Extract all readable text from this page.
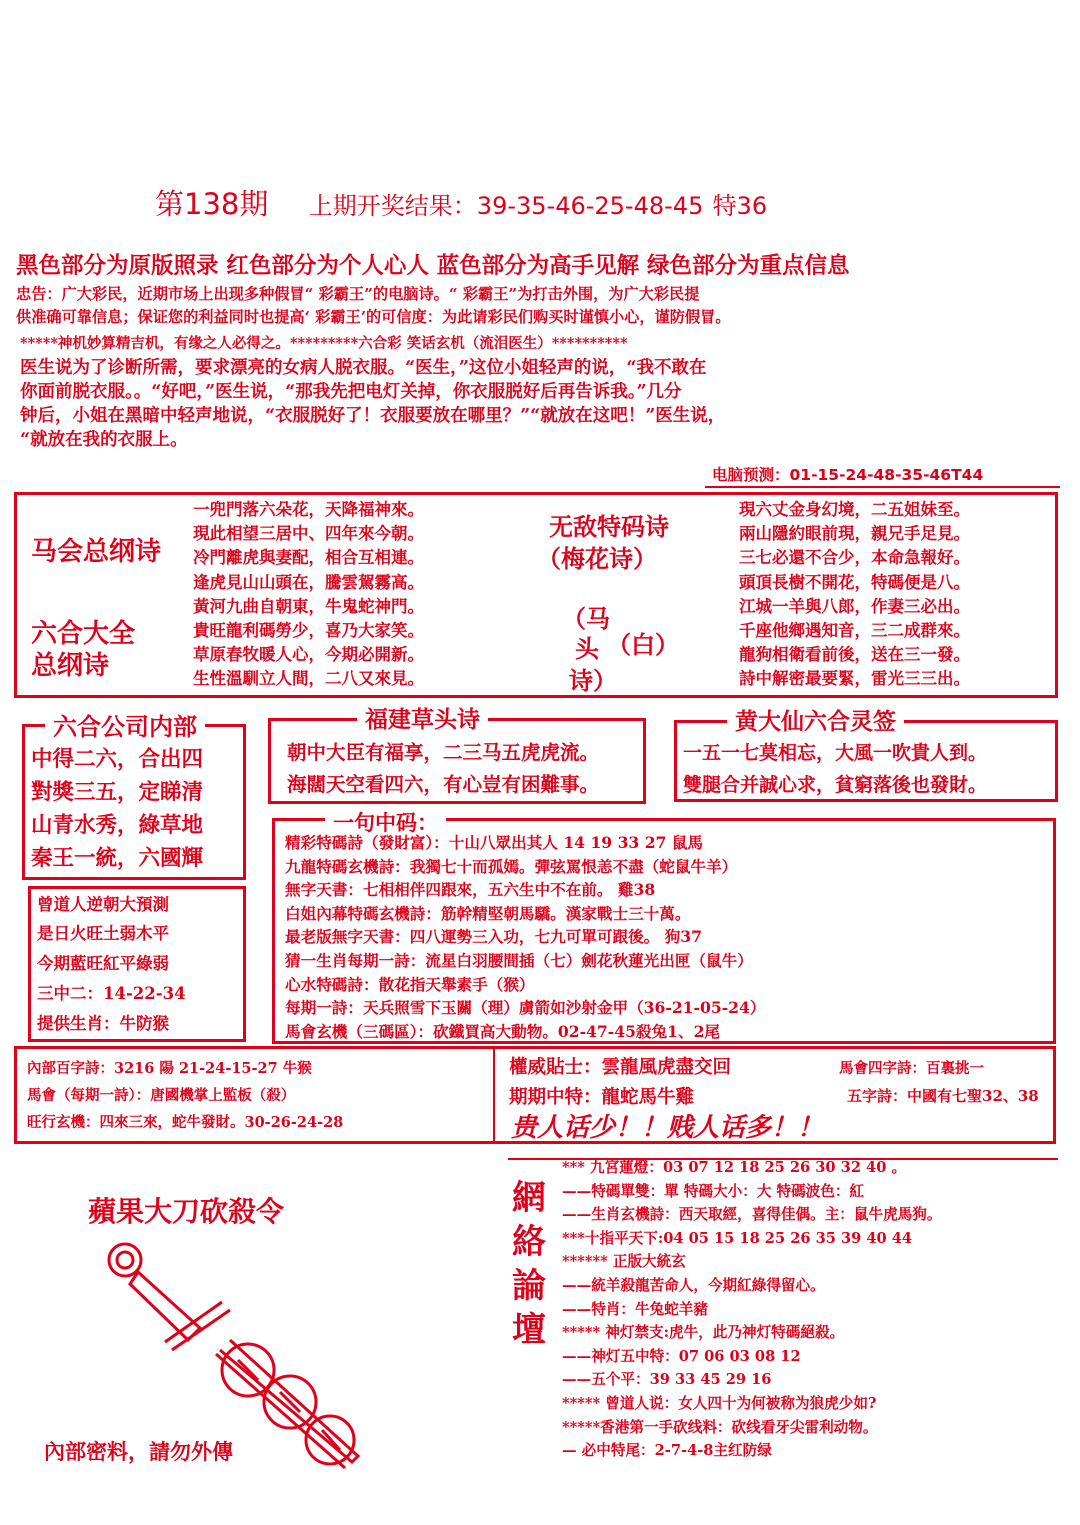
第138期 上期开奖结果：39-35-46-25-48-45 特36
黑色部分为原版照录 红色部分为个人心人 蓝色部分为高手见解 绿色部分为重点信息
忠告：广大彩民，近期市场上出现多种假冒“ 彩霸王”的电脑诗。“ 彩霸王”为打击外围，为广大彩民提
供准确可靠信息；保证您的利益同时也提高‘ 彩霸王’的可信度：为此请彩民们购买时谨慎小心，谨防假冒。
*****神机妙算精吉机，有缘之人必得之。*********六合彩 笑话玄机（流泪医生）**********
医生说为了诊断所需，要求漂亮的女病人脱衣服。“医生，”这位小姐轻声的说，“我不敢在
你面前脱衣服。。“好吧，”医生说，“那我先把电灯关掉，你衣服脱好后再告诉我。”几分
钟后，小姐在黑暗中轻声地说，“衣服脱好了！衣服要放在哪里？”“就放在这吧！”医生说，
“就放在我的衣服上。
电脑预测：01-15-24-48-35-46T44
马会总纲诗
六合大全
总纲诗
一兜門落六朵花，天降福神來。
現此相望三居中、四年來今朝。
冷門離虎與妻配，相合互相連。
逢虎見山山頭在，騰雲駕霧高。
黃河九曲自朝東，牛鬼蛇神門。
貴旺龍利碼勞少，喜乃大家笑。
草原春牧暖人心，今期必開新。
生性溫馴立人間，二八又來見。
无敌特码诗
（梅花诗）
（马
头
诗）
（白）
現六丈金身幻境，二五姐妹至。
兩山隱約眼前現，親兄手足見。
三七必還不合少，本命急報好。
頭頂長樹不開花，特碼便是八。
江城一羊與八郎，作妻三必出。
千座他鄉遇知音，三二成群來。
龍狗相衛看前後，送在三一發。
詩中解密最要緊，雷光三三出。
六合公司内部
中得二六，合出四
對獎三五，定睇清
山青水秀，綠草地
秦王一統，六國輝
福建草头诗
朝中大臣有福享，二三马五虎虎流。
海闊天空看四六，有心豈有困難事。
黄大仙六合灵签
一五一七莫相忘，大風一吹貴人到。
雙腿合并誠心求，貧窮落後也發財。
曾道人逆朝大預測
是日火旺土弱木平
今期藍旺紅平綠弱
三中二：14-22-34
提供生肖：牛防猴
一句中码：
精彩特碼詩（發財富）：十山八眾出其人 14 19 33 27 鼠馬
九龍特碼玄機詩：我獨七十而孤嫣。彈弦罵恨恙不盡（蛇鼠牛羊）
無字天書：七相相伴四跟來，五六生中不在前。 雞38
白姐內幕特碼玄機詩：筋幹精堅朝馬驕。漢家戰士三十萬。
最老版無字天書：四八運勢三入功，七九可單可跟後。 狗37
猜一生肖每期一詩：流星白羽腰間插（七）劍花秋蓮光出匣（鼠牛）
心水特碼詩：散花指天舉素手（猴）
每期一詩：天兵照雪下玉關（理）虜箭如沙射金甲（36-21-05-24）
馬會玄機（三碼區）：砍鐵買高大動物。02-47-45殺兔1、2尾
內部百字詩：3216 陽 21-24-15-27 牛猴
馬會（每期一詩）：唐國機掌上監板（殺）
旺行玄機：四來三來，蛇牛發財。30-26-24-28
權威貼士：雲龍風虎盡交回	馬會四字詩：百裏挑一
期期中特：龍蛇馬牛雞	五字詩：中國有七聖32、38
贵人话少！！贱人话多！！
蘋果大刀砍殺令
內部密料，請勿外傳
網
絡
論
壇
*** 九宮蓮燈：03 07 12 18 25 26 30 32 40 。
——特碼單雙：單 特碼大小：大 特碼波色：紅
——生肖玄機詩：西天取經，喜得佳偶。主：鼠牛虎馬狗。
***十指平天下:04 05 15 18 25 26 35 39 40 44
****** 正版大統玄
——統羊殺龍苦命人，今期紅綠得留心。
——特肖：牛兔蛇羊豬
***** 神灯禁支:虎牛，此乃神灯特碼絕殺。
——神灯五中特：07 06 03 08 12
——五个平：39 33 45 29 16
***** 曾道人说：女人四十为何被称为狼虎少如?
*****香港第一手砍线料：砍线看牙尖雷利动物。
— 必中特尾：2-7-4-8主红防绿
